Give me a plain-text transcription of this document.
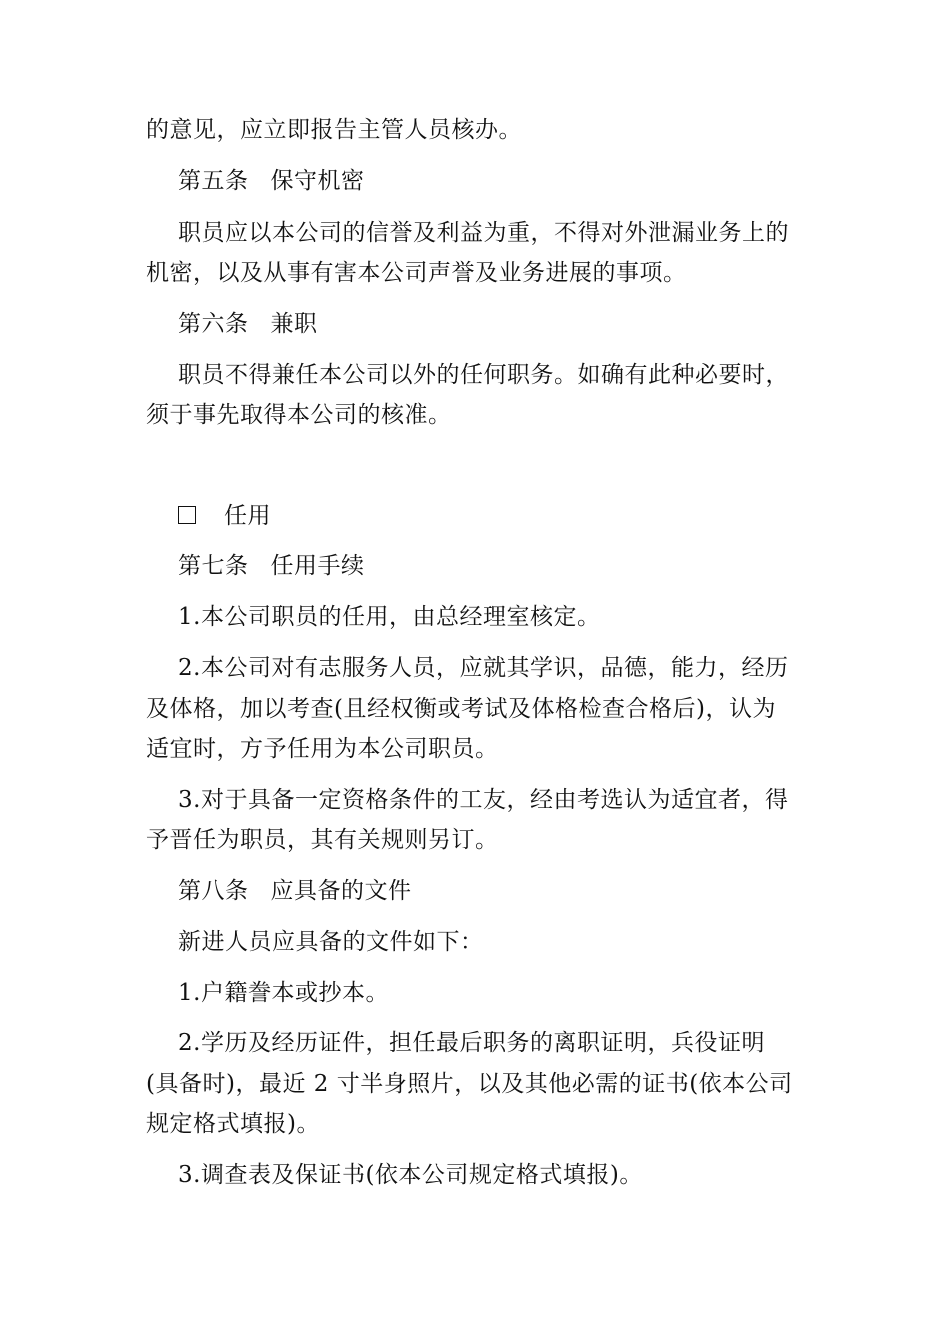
的意见，应立即报告主管人员核办。
第五条 保守机密
职员应以本公司的信誉及利益为重，不得对外泄漏业务上的
机密，以及从事有害本公司声誉及业务进展的事项。
第六条 兼职
职员不得兼任本公司以外的任何职务。如确有此种必要时，
须于事先取得本公司的核准。
任用
第七条 任用手续
1.本公司职员的任用，由总经理室核定。
2.本公司对有志服务人员，应就其学识，品德，能力，经历
及体格，加以考查(且经权衡或考试及体格检查合格后)，认为
适宜时，方予任用为本公司职员。
3.对于具备一定资格条件的工友，经由考选认为适宜者，得
予晋任为职员，其有关规则另订。
第八条 应具备的文件
新进人员应具备的文件如下：
1.户籍誊本或抄本。
2.学历及经历证件，担任最后职务的离职证明，兵役证明
(具备时)，最近 2 寸半身照片，以及其他必需的证书(依本公司
规定格式填报)。
3.调查表及保证书(依本公司规定格式填报)。
